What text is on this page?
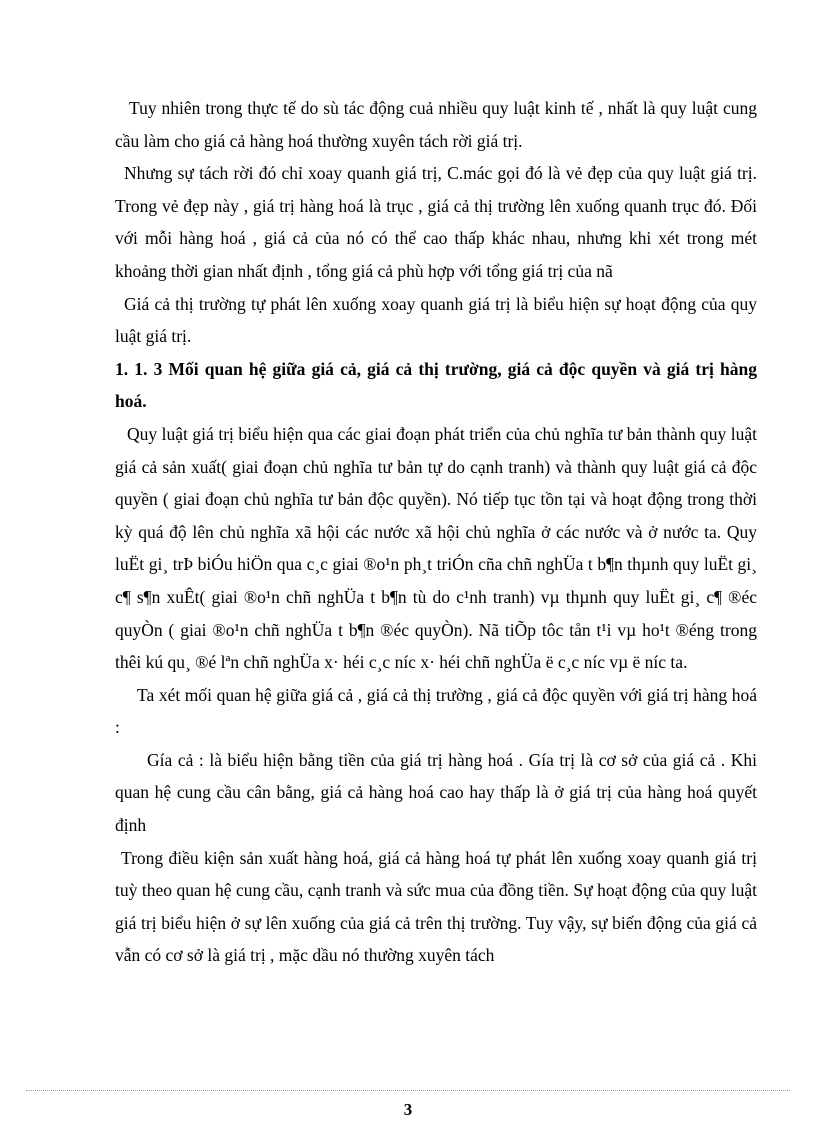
Tuy nhiên trong thực tế do sù tác động cuả nhiều quy luật kinh tế , nhất là quy luật cung cầu làm cho giá cả hàng hoá thường xuyên tách rời giá trị.

Nhưng sự tách rời đó chỉ xoay quanh giá trị, C.mác gọi đó là vẻ đẹp của quy luật giá trị. Trong vẻ đẹp này , giá trị hàng hoá là trục , giá cả thị trường lên xuống quanh trục đó. Đối với mỗi hàng hoá , giá cả của nó có thể cao thấp khác nhau, nhưng khi xét trong mét khoảng thời gian nhất định , tổng giá cả phù hợp với tổng giá trị của nã

Giá cả thị trường tự phát lên xuống xoay quanh giá trị là biểu hiện sự hoạt động của quy luật giá trị.

1. 1. 3 Mối quan hệ giữa giá cả, giá cả thị trường, giá cả độc quyền và giá trị hàng hoá.

Quy luật giá trị biểu hiện qua các giai đoạn phát triển của chủ nghĩa tư bản thành quy luật giá cả sản xuất( giai đoạn chủ nghĩa tư bản tự do cạnh tranh) và thành quy luật giá cả độc quyền ( giai đoạn chủ nghĩa tư bản độc quyền). Nó tiếp tục tồn tại và hoạt động trong thời kỳ quá độ lên chủ nghĩa xã hội các nước xã hội chủ nghĩa ở các nước và ở nước ta. Quy luËt gi¸ trÞ biÓu hiÖn qua c¸c giai ®o¹n ph¸t triÓn cña chñ nghÜa t b¶n thµnh quy luËt gi¸ c¶ s¶n xuÊt( giai ®o¹n chñ nghÜa t b¶n tù do c¹nh tranh) vµ thµnh quy luËt gi¸ c¶ ®éc quyÒn ( giai ®o¹n chñ nghÜa t b¶n ®éc quyÒn). Nã tiÕp tôc tån t¹i vµ ho¹t ®éng trong thêi kú qu¸ ®é lªn chñ nghÜa x· héi c¸c níc x· héi chñ nghÜa ë c¸c níc vµ ë níc ta.

Ta xét mối quan hệ giữa giá cả , giá cả thị trường , giá cả độc quyền với giá trị hàng hoá :

Gía cả : là biểu hiện bằng tiền của giá trị hàng hoá . Gía trị là cơ sở của giá cả . Khi quan hệ cung cầu cân bằng, giá cả hàng hoá cao hay thấp là ở giá trị của hàng hoá quyết định

Trong điều kiện sản xuất hàng hoá, giá cả hàng hoá tự phát lên xuống xoay quanh giá trị tuỳ theo quan hệ cung cầu, cạnh tranh và sức mua của đồng tiền. Sự hoạt động của quy luật giá trị biểu hiện ở sự lên xuống của giá cả trên thị trường. Tuy vậy, sự biến động của giá cả vẫn có cơ sở là giá trị , mặc dầu nó thường xuyên tách

3
